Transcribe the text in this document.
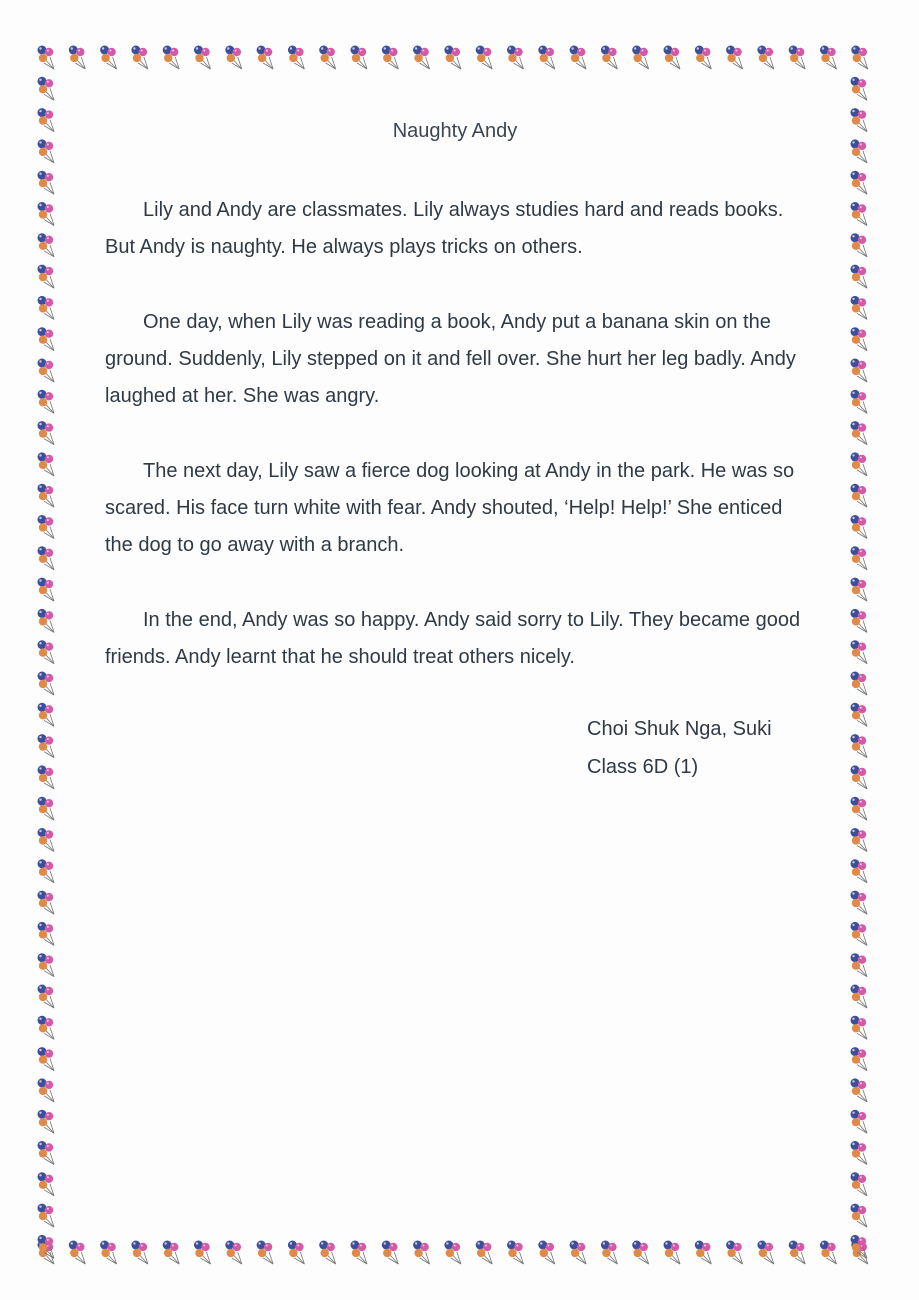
Naughty Andy

Lily and Andy are classmates. Lily always studies hard and reads books. But Andy is naughty. He always plays tricks on others.

One day, when Lily was reading a book, Andy put a banana skin on the ground. Suddenly, Lily stepped on it and fell over. She hurt her leg badly. Andy laughed at her. She was angry.

The next day, Lily saw a fierce dog looking at Andy in the park. He was so scared. His face turn white with fear. Andy shouted, ‘Help! Help!’ She enticed the dog to go away with a branch.

In the end, Andy was so happy. Andy said sorry to Lily. They became good friends. Andy learnt that he should treat others nicely.

Choi Shuk Nga, Suki
Class 6D (1)
